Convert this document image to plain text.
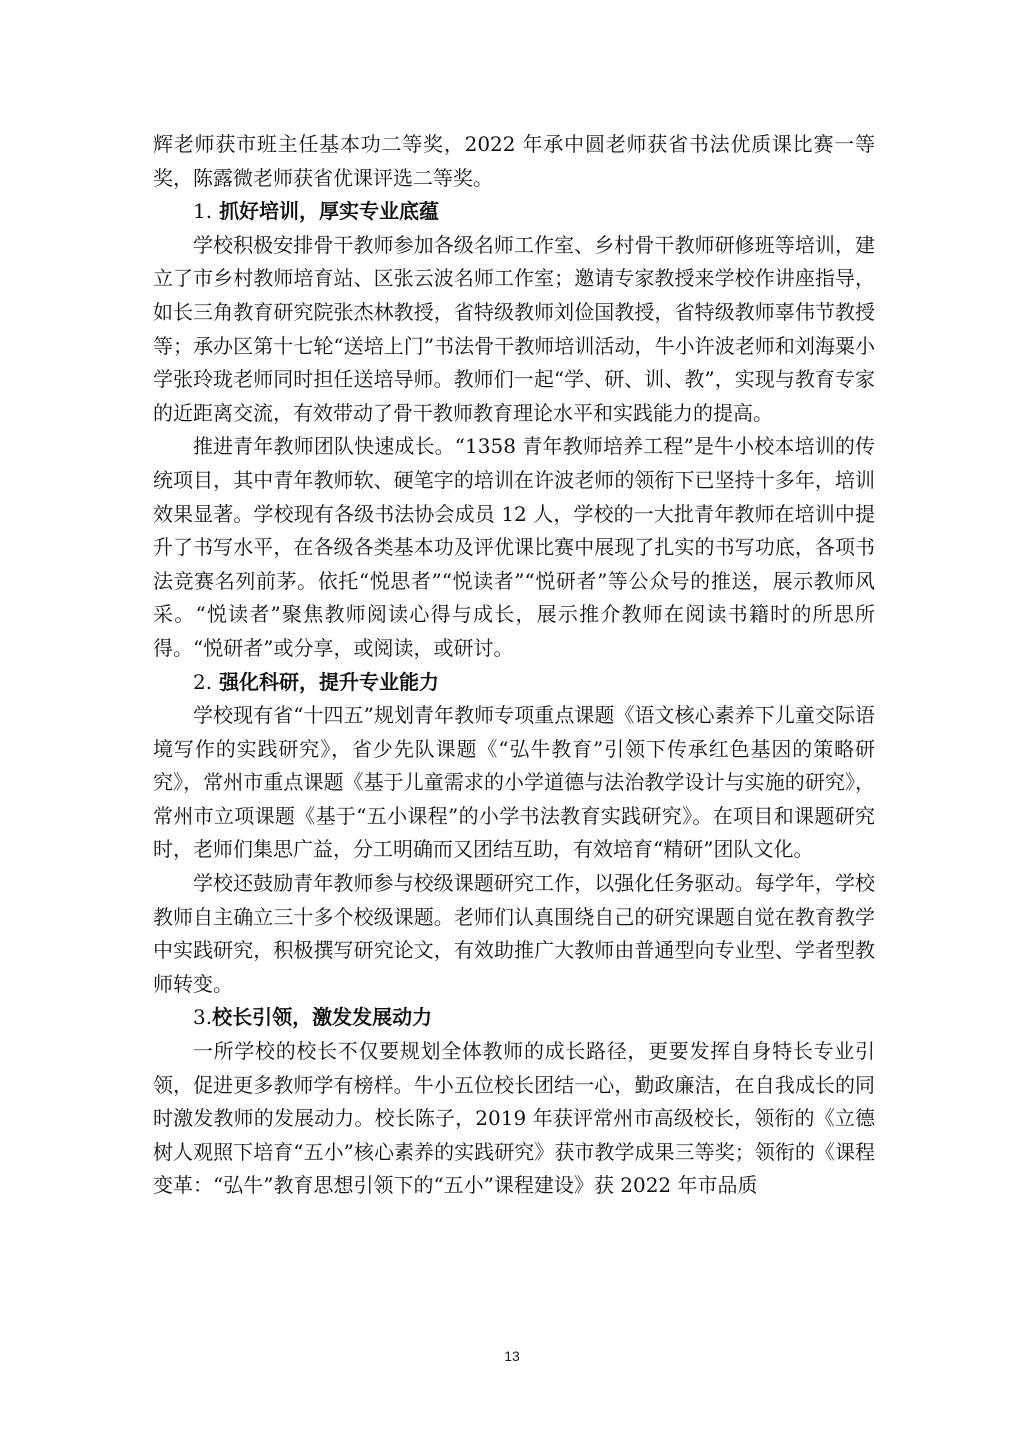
辉老师获市班主任基本功二等奖，2022 年承中圆老师获省书法优质课比赛一等奖，陈露微老师获省优课评选二等奖。

1. 抓好培训，厚实专业底蕴

学校积极安排骨干教师参加各级名师工作室、乡村骨干教师研修班等培训，建立了市乡村教师培育站、区张云波名师工作室；邀请专家教授来学校作讲座指导，如长三角教育研究院张杰林教授，省特级教师刘俭国教授，省特级教师辜伟节教授等；承办区第十七轮“送培上门”书法骨干教师培训活动，牛小许波老师和刘海粟小学张玲珑老师同时担任送培导师。教师们一起“学、研、训、教”，实现与教育专家的近距离交流，有效带动了骨干教师教育理论水平和实践能力的提高。

推进青年教师团队快速成长。“1358 青年教师培养工程”是牛小校本培训的传统项目，其中青年教师软、硬笔字的培训在许波老师的领衔下已坚持十多年，培训效果显著。学校现有各级书法协会成员 12 人，学校的一大批青年教师在培训中提升了书写水平，在各级各类基本功及评优课比赛中展现了扎实的书写功底，各项书法竞赛名列前茅。依托“悦思者”“悦读者”“悦研者”等公众号的推送，展示教师风采。“悦读者”聚焦教师阅读心得与成长，展示推介教师在阅读书籍时的所思所得。“悦研者”或分享，或阅读，或研讨。

2. 强化科研，提升专业能力

学校现有省“十四五”规划青年教师专项重点课题《语文核心素养下儿童交际语境写作的实践研究》，省少先队课题《“弘牛教育”引领下传承红色基因的策略研究》，常州市重点课题《基于儿童需求的小学道德与法治教学设计与实施的研究》，常州市立项课题《基于“五小课程”的小学书法教育实践研究》。在项目和课题研究时，老师们集思广益，分工明确而又团结互助，有效培育“精研”团队文化。

学校还鼓励青年教师参与校级课题研究工作，以强化任务驱动。每学年，学校教师自主确立三十多个校级课题。老师们认真围绕自己的研究课题自觉在教育教学中实践研究，积极撰写研究论文，有效助推广大教师由普通型向专业型、学者型教师转变。

3.校长引领，激发发展动力

一所学校的校长不仅要规划全体教师的成长路径，更要发挥自身特长专业引领，促进更多教师学有榜样。牛小五位校长团结一心，勤政廉洁，在自我成长的同时激发教师的发展动力。校长陈子，2019 年获评常州市高级校长，领衔的《立德树人观照下培育“五小”核心素养的实践研究》获市教学成果三等奖；领衔的《课程变革：“弘牛”教育思想引领下的“五小”课程建设》获 2022 年市品质

13
